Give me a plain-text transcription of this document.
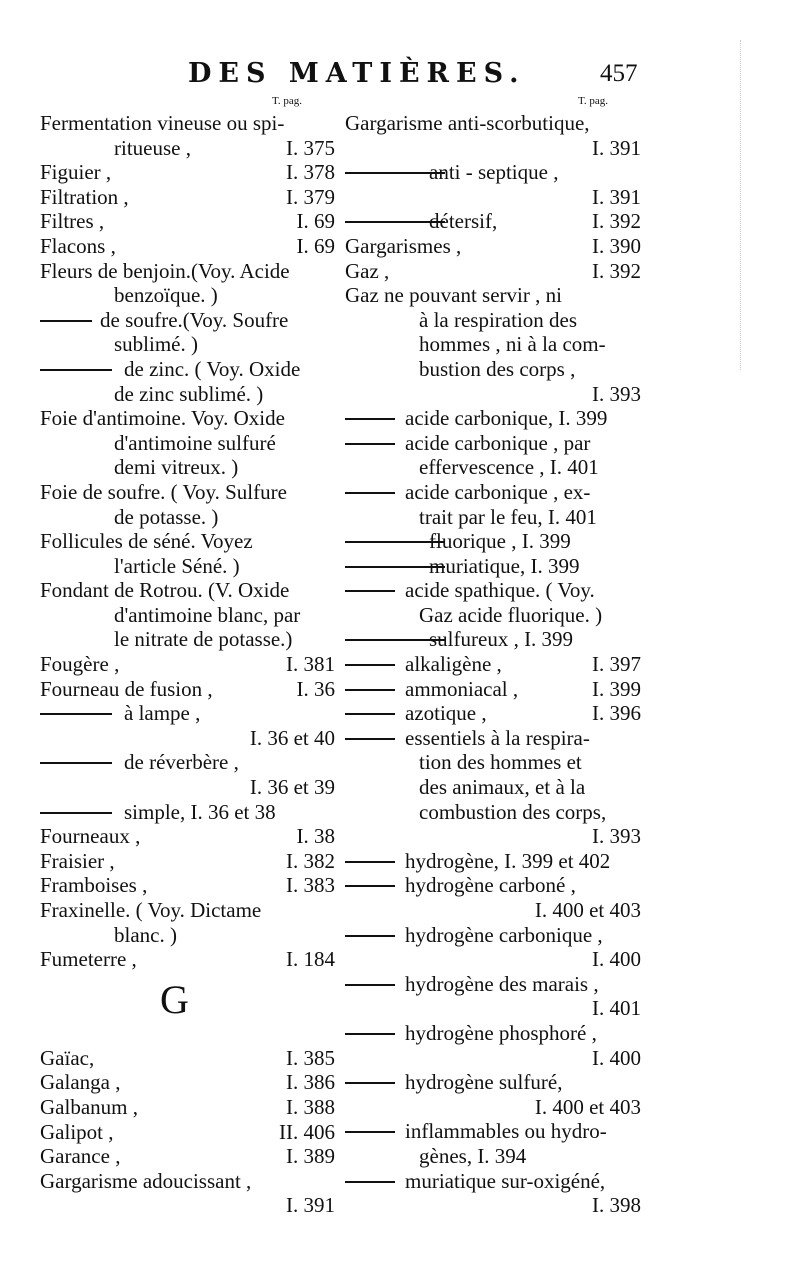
DES MATIÈRES.	457
T. pag.
Fermentation vineuse ou spi-
ritueuse ,	I. 375
Figuier ,	I. 378
Filtration ,	I. 379
Filtres ,	I. 69
Flacons ,	I. 69
Fleurs de benjoin.(Voy. Acide
benzoïque. )
de soufre.(Voy. Soufre
sublimé. )
de zinc. ( Voy. Oxide
de zinc sublimé. )
Foie d'antimoine. Voy. Oxide
d'antimoine sulfuré
demi vitreux. )
Foie de soufre. ( Voy. Sulfure
de potasse. )
Follicules de séné. Voyez
l'article Séné. )
Fondant de Rotrou. (V. Oxide
d'antimoine blanc, par
le nitrate de potasse.)
Fougère ,	I. 381
Fourneau de fusion ,	I. 36
à lampe ,
I. 36 et 40
de réverbère ,
I. 36 et 39
simple, I. 36 et 38
Fourneaux ,	I. 38
Fraisier ,	I. 382
Framboises ,	I. 383
Fraxinelle. ( Voy. Dictame
blanc. )
Fumeterre ,	I. 184
G
Gaïac,	I. 385
Galanga ,	I. 386
Galbanum ,	I. 388
Galipot ,	II. 406
Garance ,	I. 389
Gargarisme adoucissant ,
I. 391
T. pag.
Gargarisme anti-scorbutique,
I. 391
anti - septique ,
I. 391
détersif,	I. 392
Gargarismes ,	I. 390
Gaz ,	I. 392
Gaz ne pouvant servir , ni
à la respiration des
hommes , ni à la com-
bustion des corps ,
I. 393
acide carbonique, I. 399
acide carbonique , par
effervescence , I. 401
acide carbonique , ex-
trait par le feu, I. 401
fluorique , I. 399
muriatique, I. 399
acide spathique. ( Voy.
Gaz acide fluorique. )
sulfureux , I. 399
alkaligène ,	I. 397
ammoniacal ,	I. 399
azotique ,	I. 396
essentiels à la respira-
tion des hommes et
des animaux, et à la
combustion des corps,
I. 393
hydrogène, I. 399 et 402
hydrogène carboné ,
I. 400 et 403
hydrogène carbonique ,
I. 400
hydrogène des marais ,
I. 401
hydrogène phosphoré ,
I. 400
hydrogène sulfuré,
I. 400 et 403
inflammables ou hydro-
gènes, I. 394
muriatique sur-oxigéné,
I. 398
